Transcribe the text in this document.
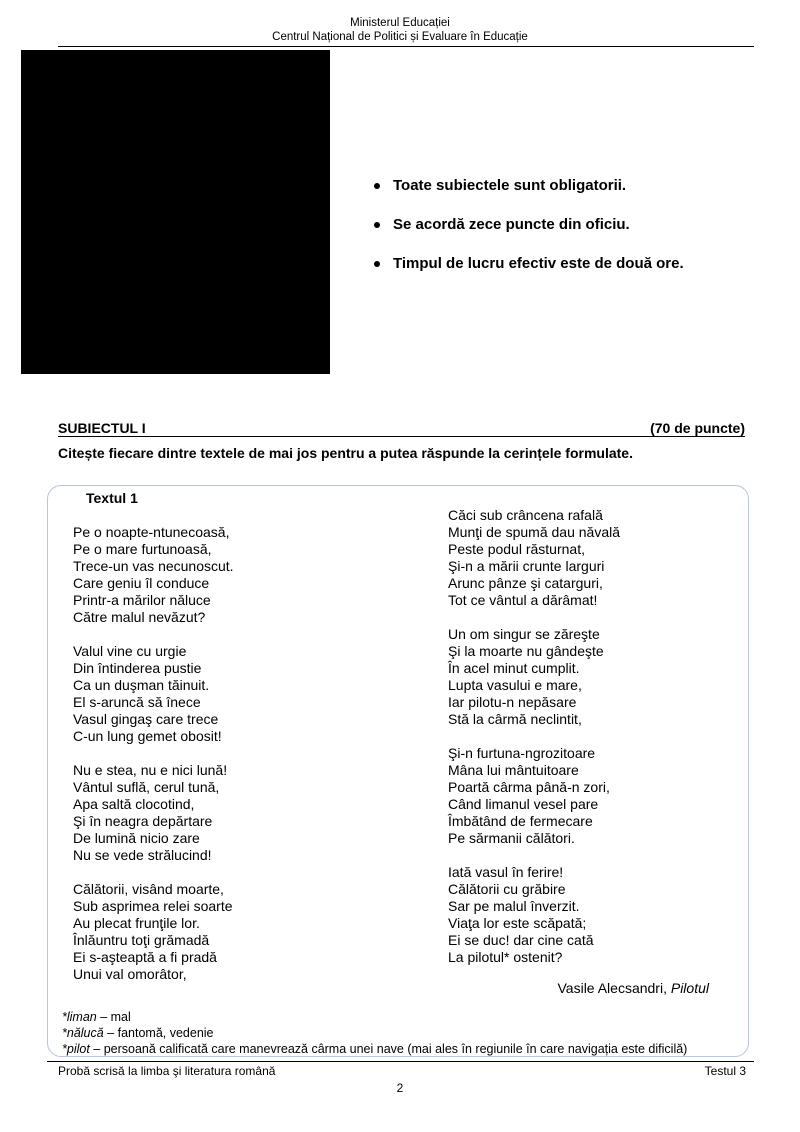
Ministerul Educației
Centrul Național de Politici și Evaluare în Educație
Toate subiectele sunt obligatorii.
Se acordă zece puncte din oficiu.
Timpul de lucru efectiv este de două ore.
SUBIECTUL I	(70 de puncte)
Citește fiecare dintre textele de mai jos pentru a putea răspunde la cerințele formulate.
Textul 1
Pe o noapte-ntunecoasă,
Pe o mare furtunoasă,
Trece-un vas necunoscut.
Care geniu îl conduce
Printr-a mărilor năluce
Către malul nevăzut?
Valul vine cu urgie
Din întinderea pustie
Ca un duşman tăinuit.
El s-aruncă să înece
Vasul gingaş care trece
C-un lung gemet obosit!
Nu e stea, nu e nici lună!
Vântul suflă, cerul tună,
Apa saltă clocotind,
Şi în neagra depărtare
De lumină nicio zare
Nu se vede strălucind!
Călătorii, visând moarte,
Sub asprimea relei soarte
Au plecat frunţile lor.
Înlăuntru toţi grămadă
Ei s-aşteaptă a fi pradă
Unui val omorâtor,
Căci sub crâncena rafală
Munţi de spumă dau năvală
Peste podul răsturnat,
Şi-n a mării crunte larguri
Arunc pânze şi catarguri,
Tot ce vântul a dărâmat!
Un om singur se zăreşte
Şi la moarte nu gândeşte
În acel minut cumplit.
Lupta vasului e mare,
Iar pilotu-n nepăsare
Stă la cârmă neclintit,
Şi-n furtuna-ngrozitoare
Mâna lui mântuitoare
Poartă cârma până-n zori,
Când limanul vesel pare
Îmbătând de fermecare
Pe sărmanii călători.
Iată vasul în ferire!
Călătorii cu grăbire
Sar pe malul înverzit.
Viaţa lor este scăpată;
Ei se duc! dar cine cată
La pilotul* ostenit?
Vasile Alecsandri, Pilotul
*liman – mal
*nălucă – fantomă, vedenie
*pilot – persoană calificată care manevrează cârma unei nave (mai ales în regiunile în care navigația este dificilă)
Probă scrisă la limba şi literatura română	Testul 3
2
